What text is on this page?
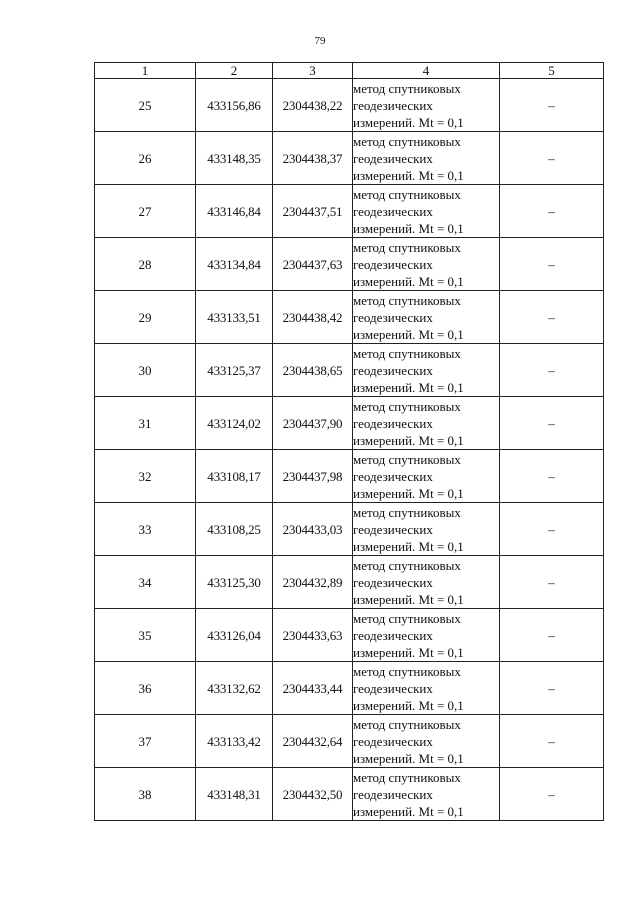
79
1	2	3	4	5
25	433156,86	2304438,22	метод спутниковых
геодезических
измерений. Mt = 0,1	–
26	433148,35	2304438,37	метод спутниковых
геодезических
измерений. Mt = 0,1	–
27	433146,84	2304437,51	метод спутниковых
геодезических
измерений. Mt = 0,1	–
28	433134,84	2304437,63	метод спутниковых
геодезических
измерений. Mt = 0,1	–
29	433133,51	2304438,42	метод спутниковых
геодезических
измерений. Mt = 0,1	–
30	433125,37	2304438,65	метод спутниковых
геодезических
измерений. Mt = 0,1	–
31	433124,02	2304437,90	метод спутниковых
геодезических
измерений. Mt = 0,1	–
32	433108,17	2304437,98	метод спутниковых
геодезических
измерений. Mt = 0,1	–
33	433108,25	2304433,03	метод спутниковых
геодезических
измерений. Mt = 0,1	–
34	433125,30	2304432,89	метод спутниковых
геодезических
измерений. Mt = 0,1	–
35	433126,04	2304433,63	метод спутниковых
геодезических
измерений. Mt = 0,1	–
36	433132,62	2304433,44	метод спутниковых
геодезических
измерений. Mt = 0,1	–
37	433133,42	2304432,64	метод спутниковых
геодезических
измерений. Mt = 0,1	–
38	433148,31	2304432,50	метод спутниковых
геодезических
измерений. Mt = 0,1	–
